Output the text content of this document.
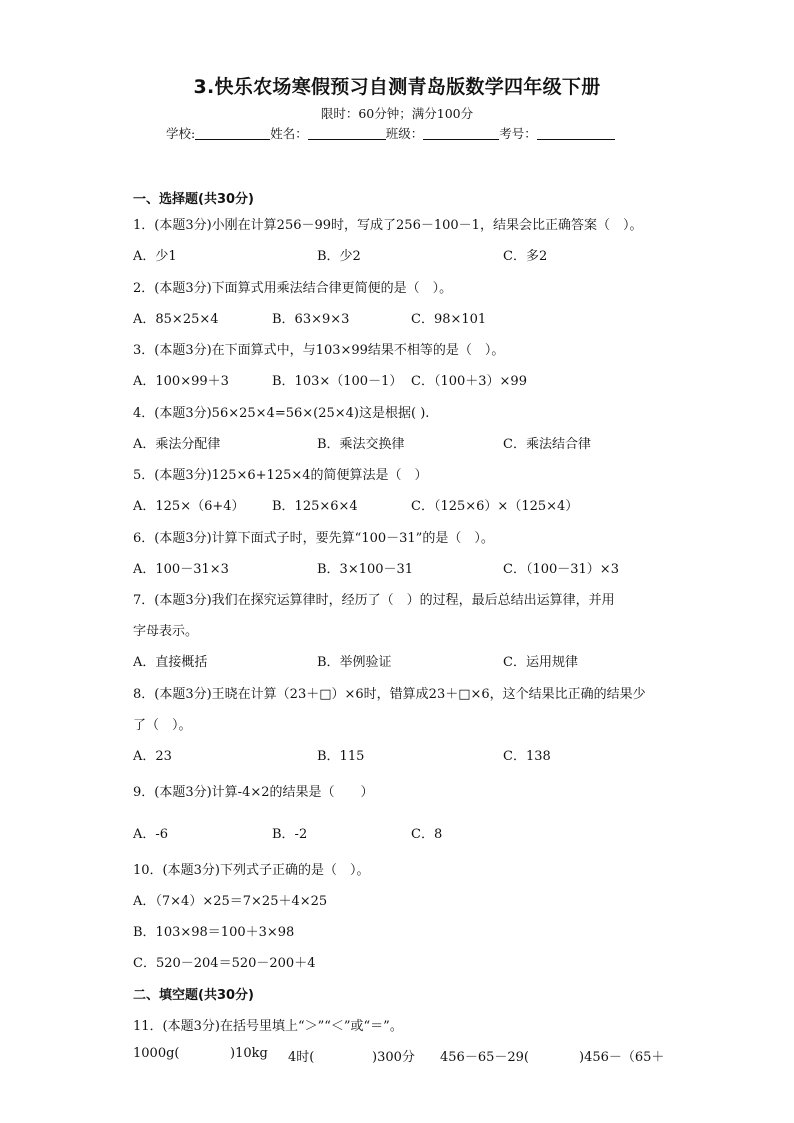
3.快乐农场寒假预习自测青岛版数学四年级下册
限时：60分钟；满分100分
学校:	姓名：	班级：	考号：
一、选择题(共30分)
1．(本题3分)小刚在计算256－99时，写成了256－100－1，结果会比正确答案（　）。
A．少1	B．少2	C．多2
2．(本题3分)下面算式用乘法结合律更简便的是（　）。
A．85×25×4	B．63×9×3	C．98×101
3．(本题3分)在下面算式中，与103×99结果不相等的是（　）。
A．100×99＋3	B．103×（100－1） C．（100＋3）×99
4．(本题3分)56×25×4=56×(25×4)这是根据( ).
A．乘法分配律	B．乘法交换律	C．乘法结合律
5．(本题3分)125×6+125×4的简便算法是（　）
A．125×（6+4） B．125×6×4	C．（125×6）×（125×4）
6．(本题3分)计算下面式子时，要先算“100－31”的是（　）。
A．100－31×3	B．3×100－31	C．（100－31）×3
7．(本题3分)我们在探究运算律时，经历了（　）的过程，最后总结出运算律，并用
字母表示。
A．直接概括	B．举例验证	C．运用规律
8．(本题3分)王晓在计算（23＋□）×6时，错算成23＋□×6，这个结果比正确的结果少
了（　）。
A．23	B．115	C．138
9．(本题3分)计算-4×2的结果是（　　）
A．-6	B．-2	C．8
10．(本题3分)下列式子正确的是（　）。
A．（7×4）×25＝7×25＋4×25
B．103×98＝100＋3×98
C．520－204＝520－200＋4
二、填空题(共30分)
11．(本题3分)在括号里填上“＞”“＜”或“＝”。
1000g(	)10kg 4时(	)300分 456－65－29(	)456－（65＋
